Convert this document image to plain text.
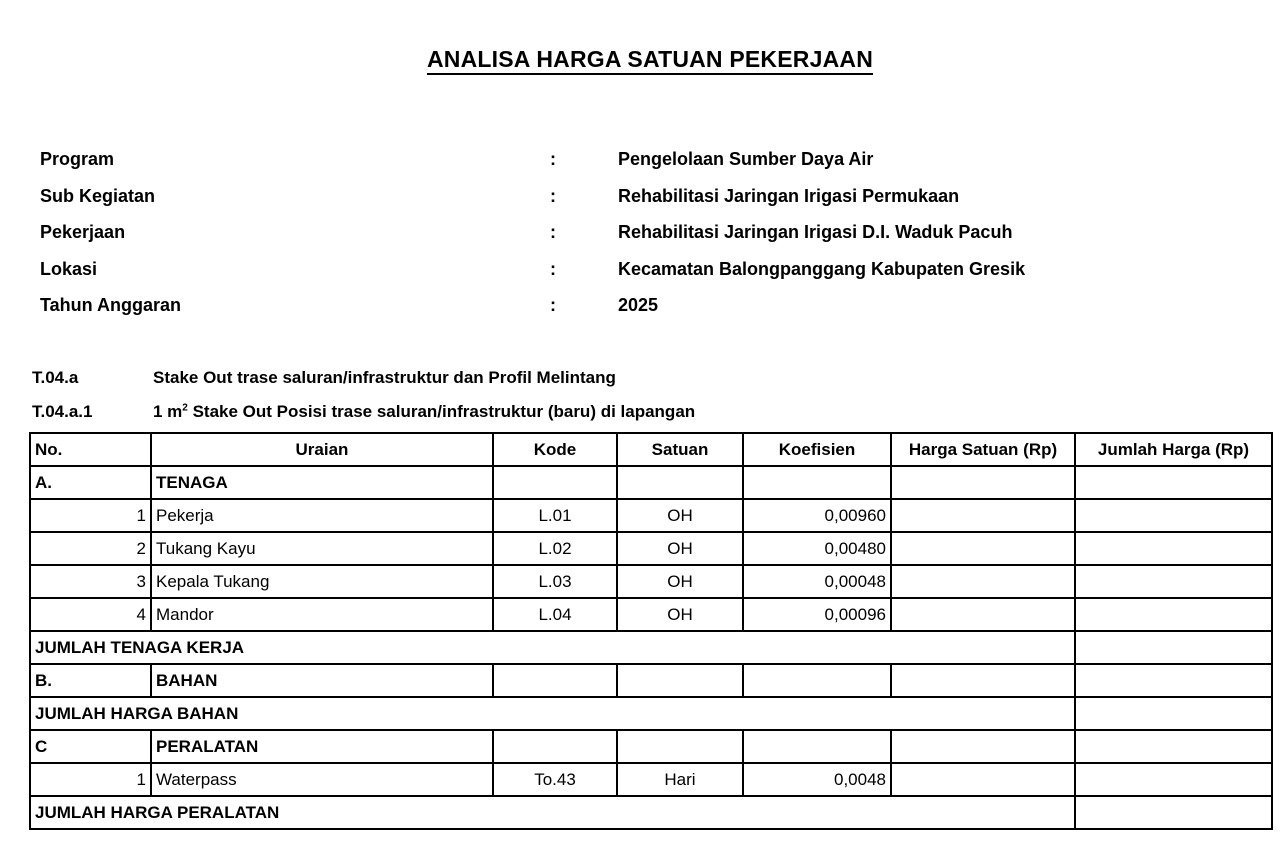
ANALISA HARGA SATUAN PEKERJAAN
Program	:	Pengelolaan Sumber Daya Air
Sub Kegiatan	:	Rehabilitasi Jaringan Irigasi Permukaan
Pekerjaan	:	Rehabilitasi Jaringan Irigasi D.I. Waduk Pacuh
Lokasi	:	Kecamatan Balongpanggang Kabupaten Gresik
Tahun Anggaran	:	2025
T.04.a	Stake Out trase saluran/infrastruktur dan Profil Melintang
T.04.a.1	1 $m^2$ Stake Out Posisi trase saluran/infrastruktur (baru) di lapangan
No.	Uraian	Kode	Satuan	Koefisien	Harga Satuan (Rp)	Jumlah Harga (Rp)
A.	TENAGA					
1	Pekerja	L.01	OH	0,00960		
2	Tukang Kayu	L.02	OH	0,00480		
3	Kepala Tukang	L.03	OH	0,00048		
4	Mandor	L.04	OH	0,00096		
JUMLAH TENAGA KERJA						
B.	BAHAN					
JUMLAH HARGA BAHAN						
C	PERALATAN					
1	Waterpass	To.43	Hari	0,0048		
JUMLAH HARGA PERALATAN						
